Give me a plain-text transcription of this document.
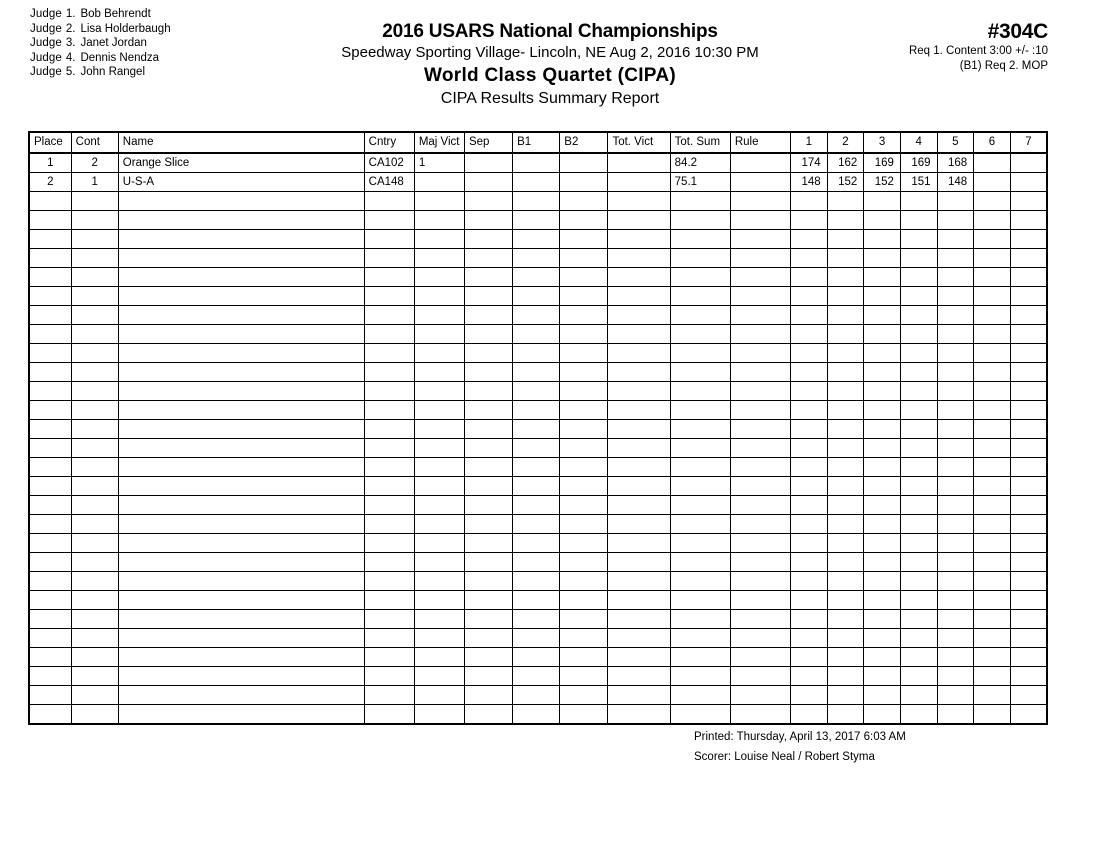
Judge 1. Bob Behrendt
Judge 2. Lisa Holderbaugh
Judge 3. Janet Jordan
Judge 4. Dennis Nendza
Judge 5. John Rangel
2016 USARS National Championships
Speedway Sporting Village- Lincoln, NE Aug 2, 2016 10:30 PM
World Class Quartet (CIPA)
CIPA Results Summary Report
#304C
Req 1. Content 3:00 +/- :10
(B1) Req 2. MOP
Place	Cont	Name	Cntry	Maj Vict	Sep	B1	B2	Tot. Vict	Tot. Sum	Rule	1	2	3	4	5	6	7
1	2	Orange Slice	CA102	1					84.2		174	162	169	169	168		
2	1	U-S-A	CA148						75.1		148	152	152	151	148		

Printed: Thursday, April 13, 2017 6:03 AM
Scorer: Louise Neal / Robert Styma
